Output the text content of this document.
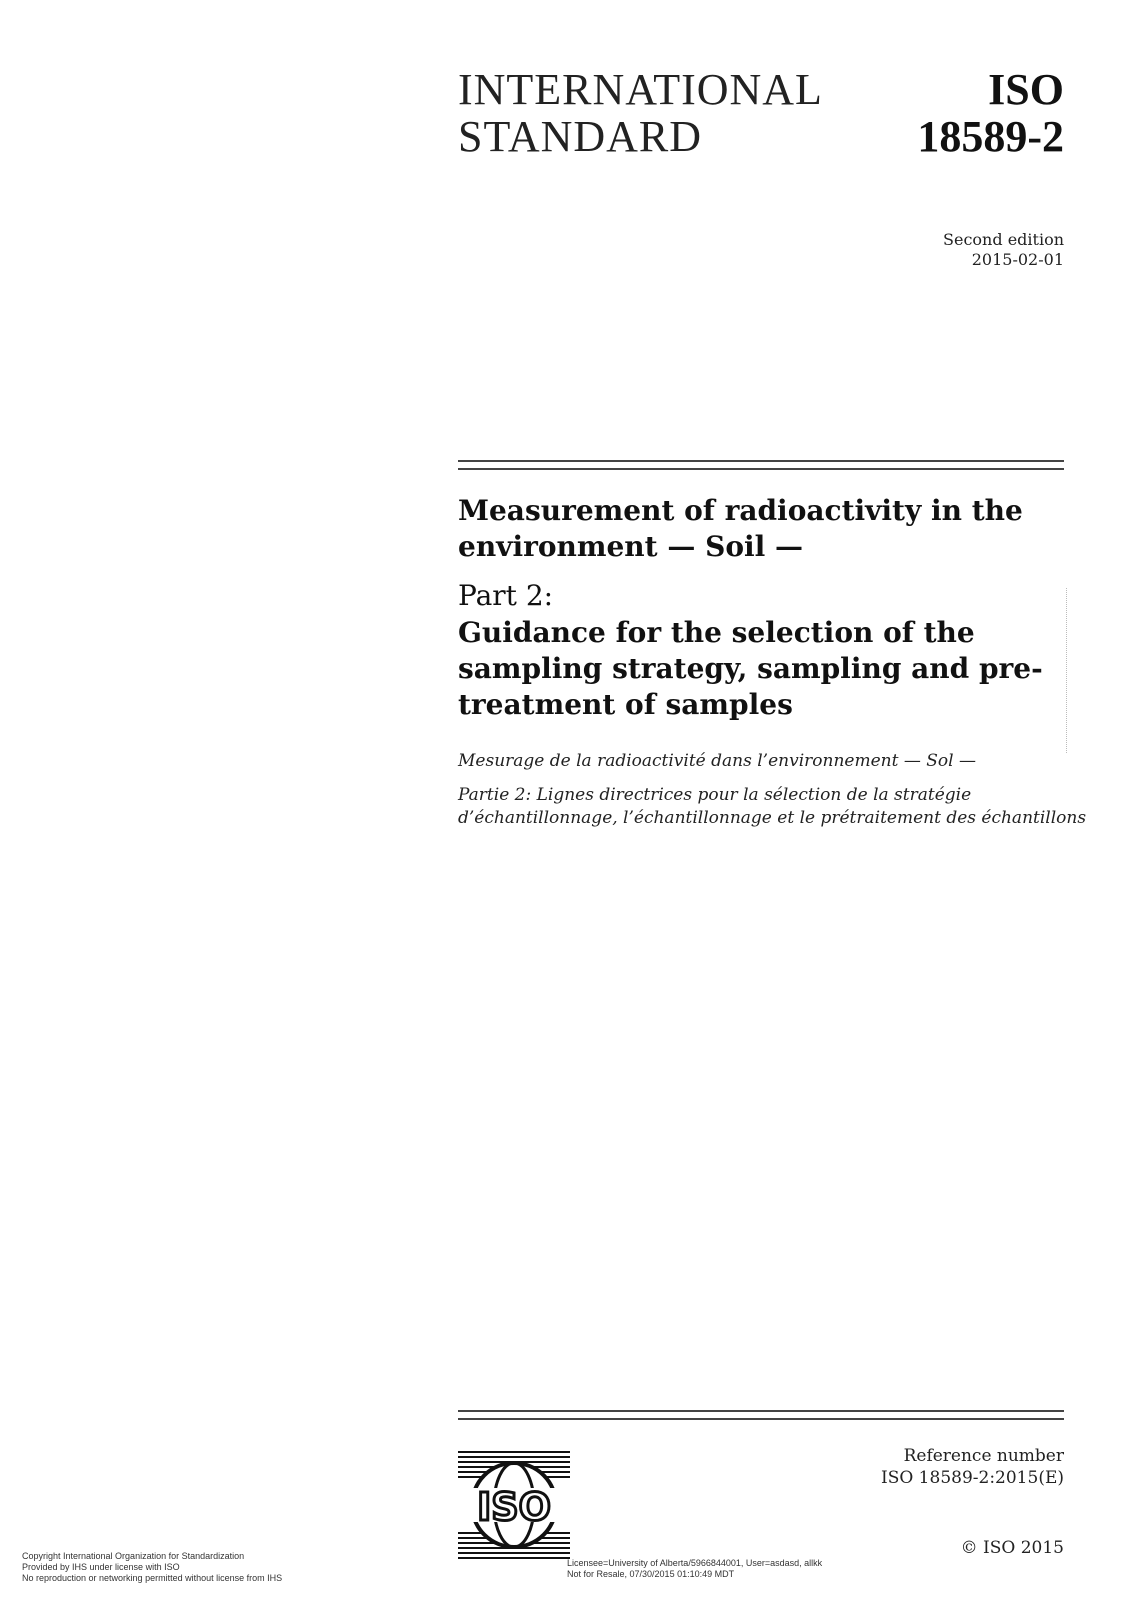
INTERNATIONAL
STANDARD
ISO
18589-2
Second edition
2015-02-01
Measurement of radioactivity in the
environment — Soil —
Part 2:
Guidance for the selection of the
sampling strategy, sampling and pre-
treatment of samples
Mesurage de la radioactivité dans l’environnement — Sol —
Partie 2: Lignes directrices pour la sélection de la stratégie
d’échantillonnage, l’échantillonnage et le prétraitement des échantillons
ISO
Reference number
ISO 18589-2:2015(E)
© ISO 2015
Copyright International Organization for Standardization
Provided by IHS under license with ISO
No reproduction or networking permitted without license from IHS
Licensee=University of Alberta/5966844001, User=asdasd, allkk
Not for Resale, 07/30/2015 01:10:49 MDT
